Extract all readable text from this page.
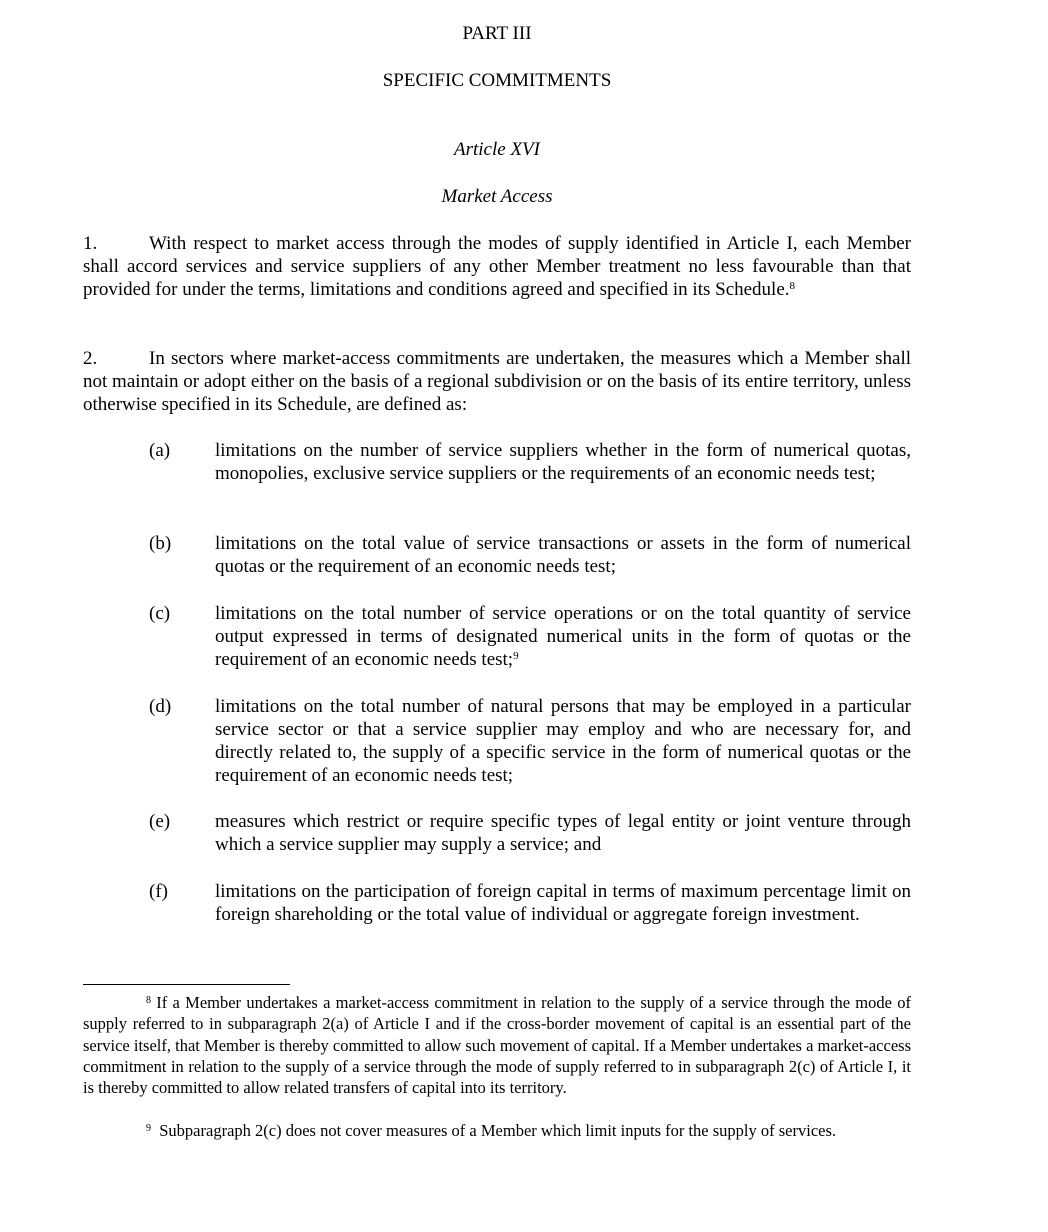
PART III

SPECIFIC COMMITMENTS

Article XVI

Market Access

1.	With respect to market access through the modes of supply identified in Article I, each Member shall accord services and service suppliers of any other Member treatment no less favourable than that provided for under the terms, limitations and conditions agreed and specified in its Schedule.$^8$

2.	In sectors where market-access commitments are undertaken, the measures which a Member shall not maintain or adopt either on the basis of a regional subdivision or on the basis of its entire territory, unless otherwise specified in its Schedule, are defined as:

(a) limitations on the number of service suppliers whether in the form of numerical quotas, monopolies, exclusive service suppliers or the requirements of an economic needs test;

(b) limitations on the total value of service transactions or assets in the form of numerical quotas or the requirement of an economic needs test;

(c) limitations on the total number of service operations or on the total quantity of service output expressed in terms of designated numerical units in the form of quotas or the requirement of an economic needs test;$^9$

(d) limitations on the total number of natural persons that may be employed in a particular service sector or that a service supplier may employ and who are necessary for, and directly related to, the supply of a specific service in the form of numerical quotas or the requirement of an economic needs test;

(e) measures which restrict or require specific types of legal entity or joint venture through which a service supplier may supply a service; and

(f) limitations on the participation of foreign capital in terms of maximum percentage limit on foreign shareholding or the total value of individual or aggregate foreign investment.

$^8$ If a Member undertakes a market-access commitment in relation to the supply of a service through the mode of supply referred to in subparagraph 2(a) of Article I and if the cross-border movement of capital is an essential part of the service itself, that Member is thereby committed to allow such movement of capital. If a Member undertakes a market-access commitment in relation to the supply of a service through the mode of supply referred to in subparagraph 2(c) of Article I, it is thereby committed to allow related transfers of capital into its territory.

$^9$ Subparagraph 2(c) does not cover measures of a Member which limit inputs for the supply of services.
